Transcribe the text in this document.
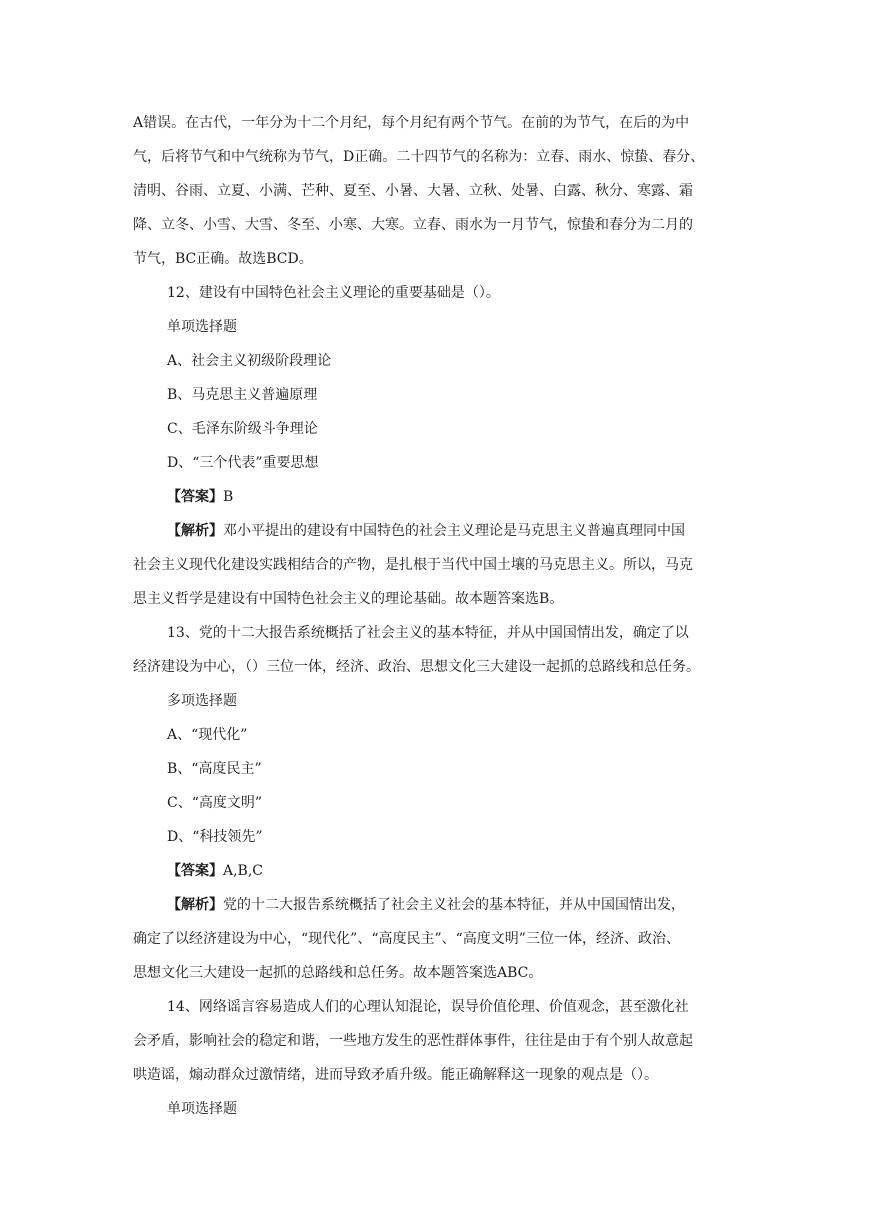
A错误。在古代，一年分为十二个月纪，每个月纪有两个节气。在前的为节气，在后的为中
气，后将节气和中气统称为节气，D正确。二十四节气的名称为：立春、雨水、惊蛰、春分、
清明、谷雨、立夏、小满、芒种、夏至、小暑、大暑、立秋、处暑、白露、秋分、寒露、霜
降、立冬、小雪、大雪、冬至、小寒、大寒。立春、雨水为一月节气，惊蛰和春分为二月的
节气，BC正确。故选BCD。

12、建设有中国特色社会主义理论的重要基础是（）。

单项选择题

A、社会主义初级阶段理论

B、马克思主义普遍原理

C、毛泽东阶级斗争理论

D、“三个代表”重要思想

【答案】B

【解析】邓小平提出的建设有中国特色的社会主义理论是马克思主义普遍真理同中国
社会主义现代化建设实践相结合的产物，是扎根于当代中国土壤的马克思主义。所以，马克
思主义哲学是建设有中国特色社会主义的理论基础。故本题答案选B。

13、党的十二大报告系统概括了社会主义的基本特征，并从中国国情出发，确定了以
经济建设为中心，（）三位一体，经济、政治、思想文化三大建设一起抓的总路线和总任务。

多项选择题

A、“现代化”

B、“高度民主”

C、“高度文明”

D、“科技领先”

【答案】A,B,C

【解析】党的十二大报告系统概括了社会主义社会的基本特征，并从中国国情出发，
确定了以经济建设为中心，“现代化”、“高度民主”、“高度文明”三位一体，经济、政治、
思想文化三大建设一起抓的总路线和总任务。故本题答案选ABC。

14、网络谣言容易造成人们的心理认知混论，误导价值伦理、价值观念，甚至激化社
会矛盾，影响社会的稳定和谐，一些地方发生的恶性群体事件，往往是由于有个别人故意起
哄造谣，煽动群众过激情绪，进而导致矛盾升级。能正确解释这一现象的观点是（）。

单项选择题
